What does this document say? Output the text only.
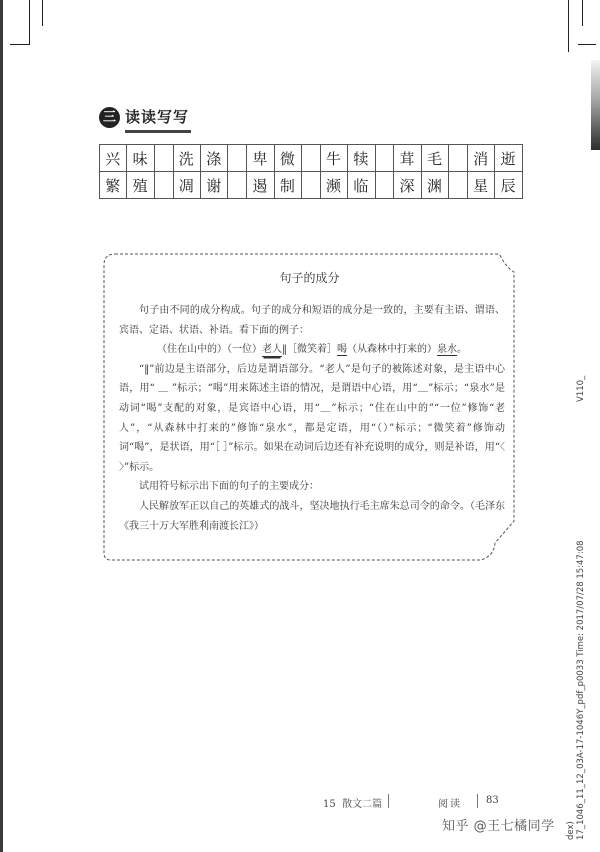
三 读读写写
兴	味		洗	涤		卑	微		牛	犊		茸	毛		消	逝
繁	殖		凋	谢		遏	制		濒	临		深	渊		星	辰
句子的成分

句子由不同的成分构成。句子的成分和短语的成分是一致的，主要有主语、谓语、宾语、定语、状语、补语。看下面的例子：

（住在山中的）（一位）老人‖［微笑着］喝（从森林中打来的）泉水。

“‖”前边是主语部分，后边是谓语部分。“老人”是句子的被陈述对象，是主语中心语，用“ ＿ ”标示；“喝”用来陈述主语的情况，是谓语中心语，用“＿”标示；“泉水”是动词“喝”支配的对象，是宾语中心语，用“＿”标示；“住在山中的”“一位”修饰“老人”，“从森林中打来的”修饰“泉水”，都是定语，用“（）”标示；“微笑着”修饰动词“喝”，是状语，用“［ ］”标示。如果在动词后边还有补充说明的成分，则是补语，用“〈 〉”标示。

试用符号标示出下面的句子的主要成分：

人民解放军正以自己的英雄式的战斗，坚决地执行毛主席朱总司令的命令。（毛泽东《我三十万大军胜利南渡长江》）

15 散文二篇	阅读 83
V110_
17_1046_11_12_03A-17-1046Y_pdf_p0033 Time: 2017/07/28 15:47:08
dex)
知乎 @王七橘同学
